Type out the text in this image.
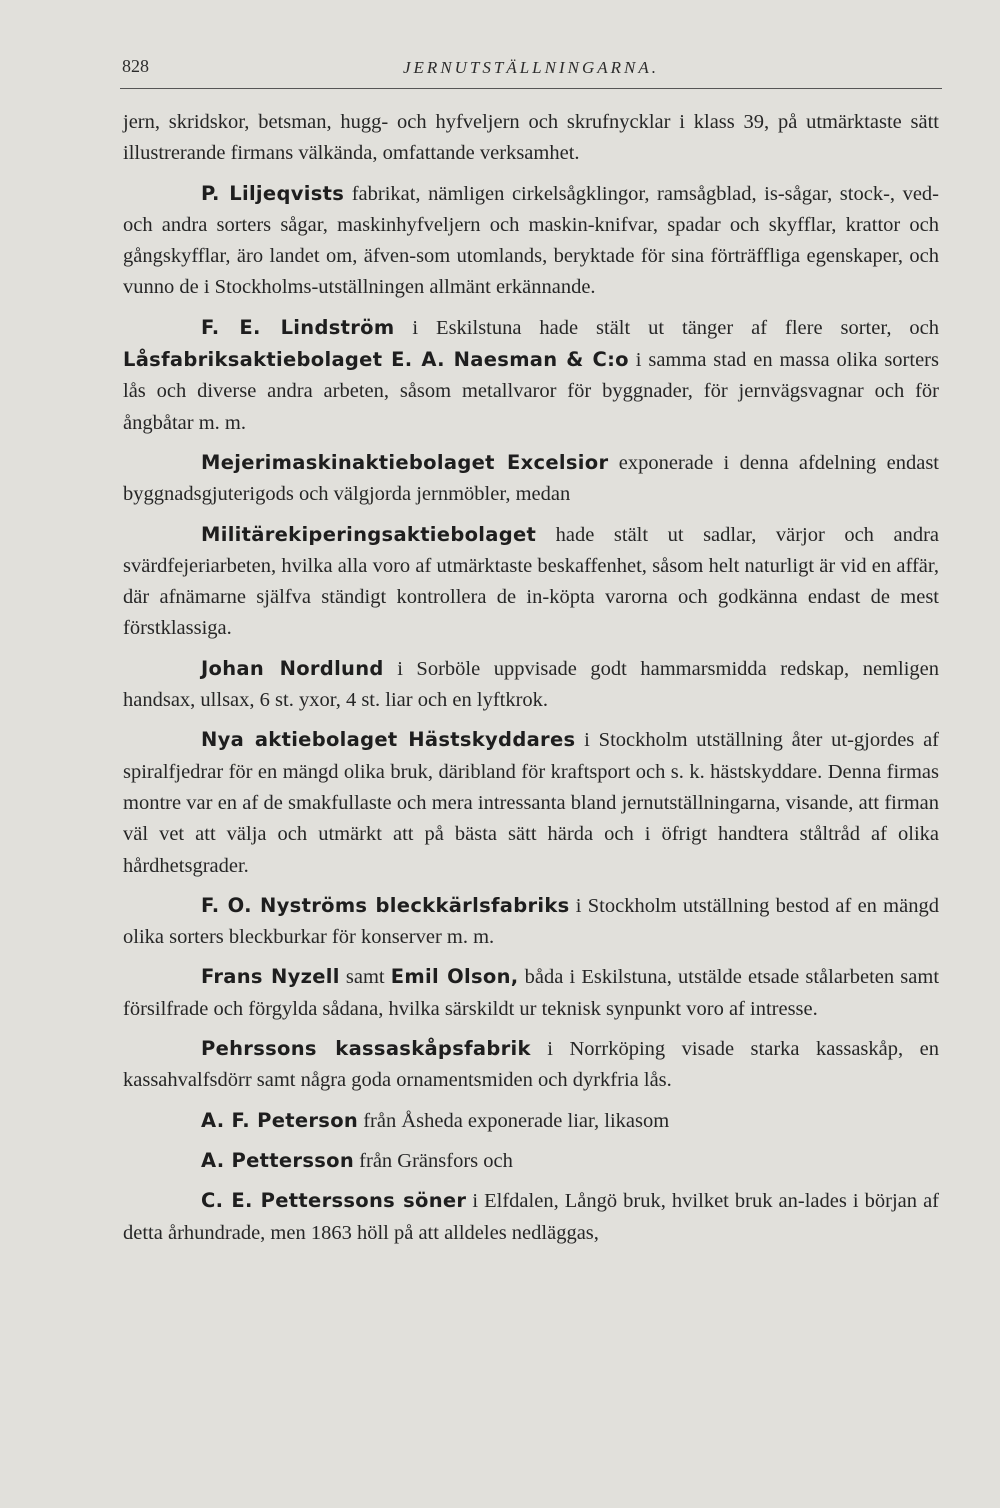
828	JERNUTSTÄLLNINGARNA.

jern, skridskor, betsman, hugg- och hyfveljern och skrufnycklar i klass 39, på utmärktaste sätt illustrerande firmans välkända, omfattande verksamhet.

P. Liljeqvists fabrikat, nämligen cirkelsågklingor, ramsågblad, is-sågar, stock-, ved- och andra sorters sågar, maskinhyfveljern och maskin-knifvar, spadar och skyfflar, krattor och gångskyfflar, äro landet om, äfven-som utomlands, beryktade för sina förträffliga egenskaper, och vunno de i Stockholms-utställningen allmänt erkännande.

F. E. Lindström i Eskilstuna hade stält ut tänger af flere sorter, och Låsfabriksaktiebolaget E. A. Naesman & C:o i samma stad en massa olika sorters lås och diverse andra arbeten, såsom metallvaror för byggnader, för jernvägsvagnar och för ångbåtar m. m.

Mejerimaskinaktiebolaget Excelsior exponerade i denna afdelning endast byggnadsgjuterigods och välgjorda jernmöbler, medan

Militärekiperingsaktiebolaget hade stält ut sadlar, värjor och andra svärdfejeriarbeten, hvilka alla voro af utmärktaste beskaffenhet, såsom helt naturligt är vid en affär, där afnämarne själfva ständigt kontrollera de in-köpta varorna och godkänna endast de mest förstklassiga.

Johan Nordlund i Sorböle uppvisade godt hammarsmidda redskap, nemligen handsax, ullsax, 6 st. yxor, 4 st. liar och en lyftkrok.

Nya aktiebolaget Hästskyddares i Stockholm utställning åter ut-gjordes af spiralfjedrar för en mängd olika bruk, däribland för kraftsport och s. k. hästskyddare. Denna firmas montre var en af de smakfullaste och mera intressanta bland jernutställningarna, visande, att firman väl vet att välja och utmärkt att på bästa sätt härda och i öfrigt handtera ståltråd af olika hårdhetsgrader.

F. O. Nyströms bleckkärlsfabriks i Stockholm utställning bestod af en mängd olika sorters bleckburkar för konserver m. m.

Frans Nyzell samt Emil Olson, båda i Eskilstuna, utstälde etsade stålarbeten samt försilfrade och förgylda sådana, hvilka särskildt ur teknisk synpunkt voro af intresse.

Pehrssons kassaskåpsfabrik i Norrköping visade starka kassaskåp, en kassahvalfsdörr samt några goda ornamentsmiden och dyrkfria lås.

A. F. Peterson från Åsheda exponerade liar, likasom

A. Pettersson från Gränsfors och

C. E. Petterssons söner i Elfdalen, Långö bruk, hvilket bruk an-lades i början af detta århundrade, men 1863 höll på att alldeles nedläggas,
